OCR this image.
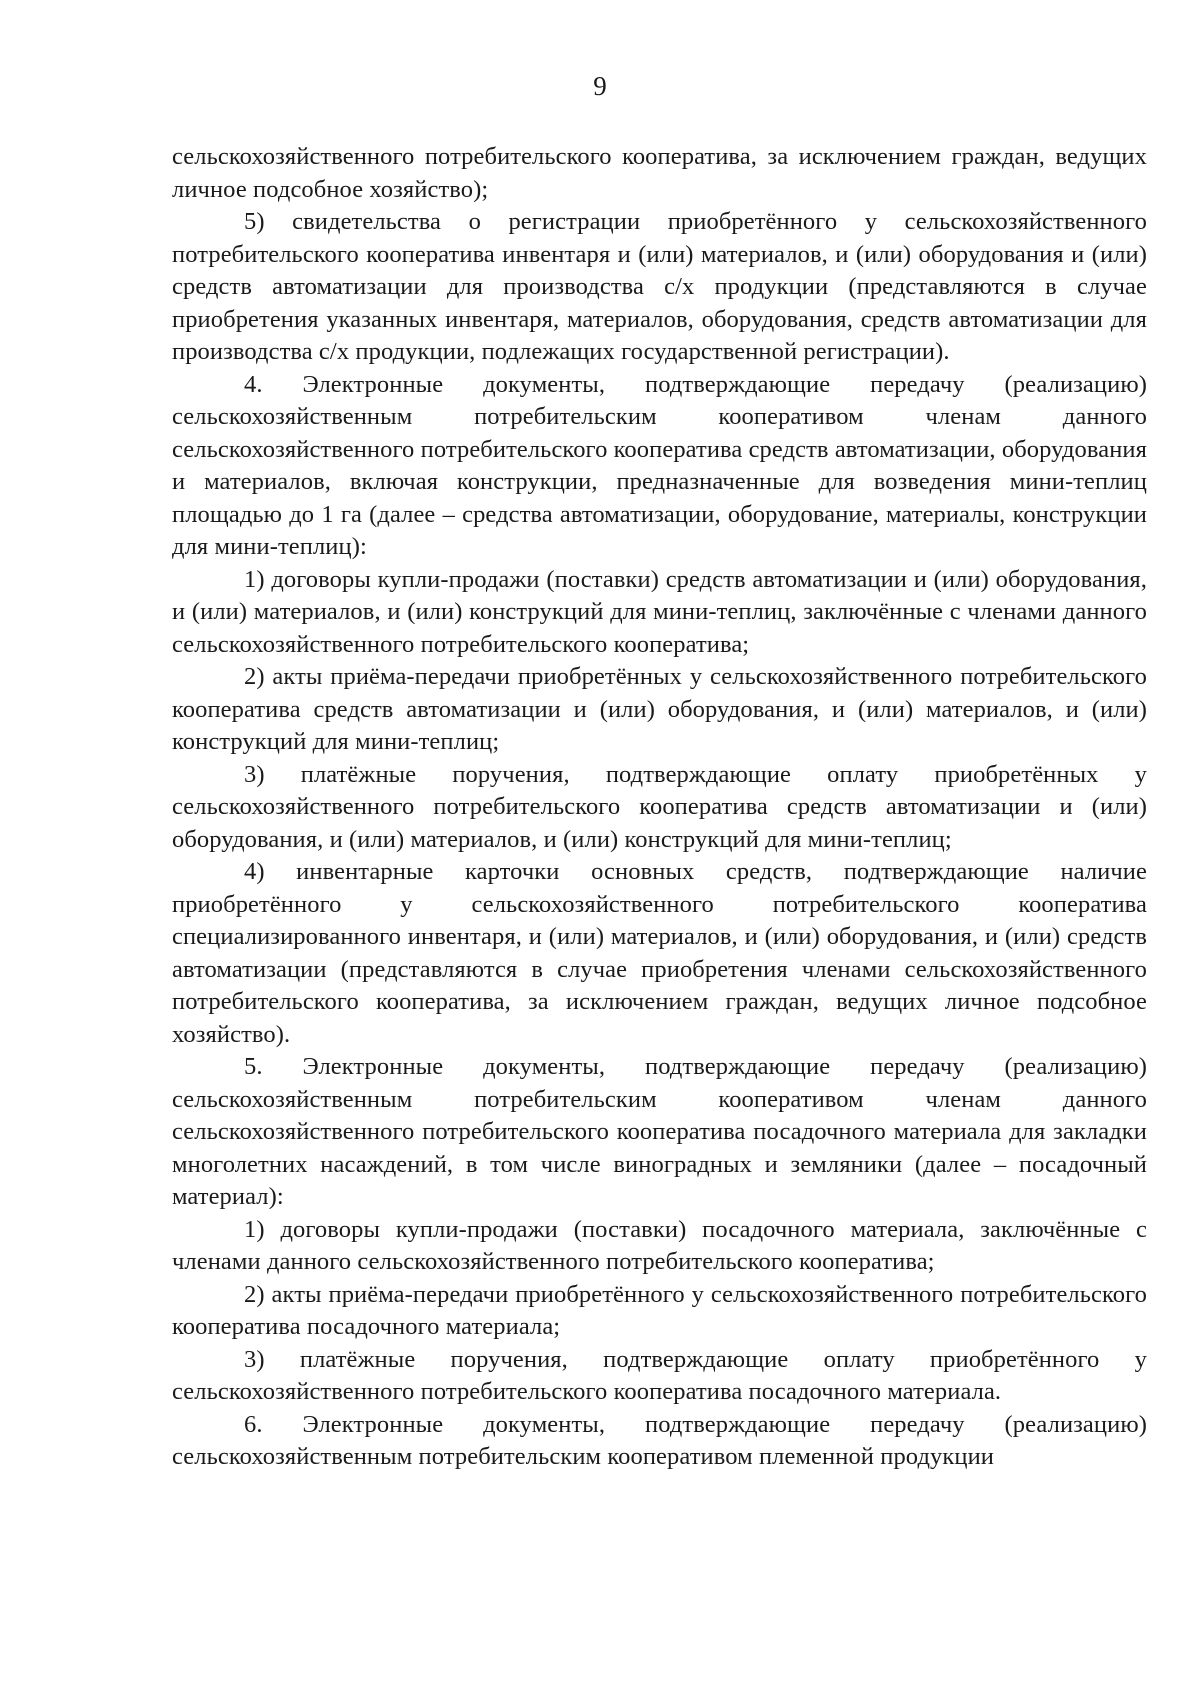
9

сельскохозяйственного потребительского кооператива, за исключением граждан, ведущих личное подсобное хозяйство);

5) свидетельства о регистрации приобретённого у сельскохозяйственного потребительского кооператива инвентаря и (или) материалов, и (или) оборудования и (или) средств автоматизации для производства с/х продукции (представляются в случае приобретения указанных инвентаря, материалов, оборудования, средств автоматизации для производства с/х продукции, подлежащих государственной регистрации).

4. Электронные документы, подтверждающие передачу (реализацию) сельскохозяйственным потребительским кооперативом членам данного сельскохозяйственного потребительского кооператива средств автоматизации, оборудования и материалов, включая конструкции, предназначенные для возведения мини-теплиц площадью до 1 га (далее – средства автоматизации, оборудование, материалы, конструкции для мини-теплиц):

1) договоры купли-продажи (поставки) средств автоматизации и (или) оборудования, и (или) материалов, и (или) конструкций для мини-теплиц, заключённые с членами данного сельскохозяйственного потребительского кооператива;

2) акты приёма-передачи приобретённых у сельскохозяйственного потребительского кооператива средств автоматизации и (или) оборудования, и (или) материалов, и (или) конструкций для мини-теплиц;

3) платёжные поручения, подтверждающие оплату приобретённых у сельскохозяйственного потребительского кооператива средств автоматизации и (или) оборудования, и (или) материалов, и (или) конструкций для мини-теплиц;

4) инвентарные карточки основных средств, подтверждающие наличие приобретённого у сельскохозяйственного потребительского кооператива специализированного инвентаря, и (или) материалов, и (или) оборудования, и (или) средств автоматизации (представляются в случае приобретения членами сельскохозяйственного потребительского кооператива, за исключением граждан, ведущих личное подсобное хозяйство).

5. Электронные документы, подтверждающие передачу (реализацию) сельскохозяйственным потребительским кооперативом членам данного сельскохозяйственного потребительского кооператива посадочного материала для закладки многолетних насаждений, в том числе виноградных и земляники (далее – посадочный материал):

1) договоры купли-продажи (поставки) посадочного материала, заключённые с членами данного сельскохозяйственного потребительского кооператива;

2) акты приёма-передачи приобретённого у сельскохозяйственного потребительского кооператива посадочного материала;

3) платёжные поручения, подтверждающие оплату приобретённого у сельскохозяйственного потребительского кооператива посадочного материала.

6. Электронные документы, подтверждающие передачу (реализацию) сельскохозяйственным потребительским кооперативом племенной продукции
